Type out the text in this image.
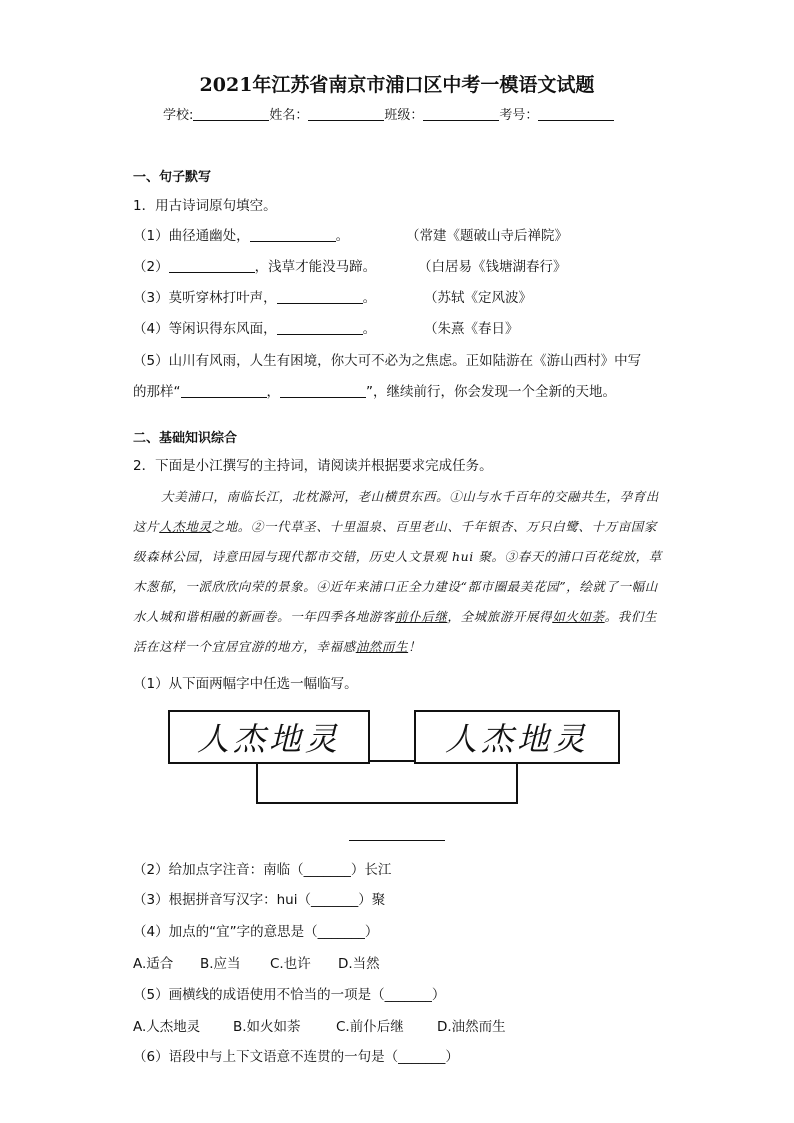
2021年江苏省南京市浦口区中考一模语文试题
学校:	姓名：	班级：	考号：
一、句子默写
1．用古诗词原句填空。
（1）曲径通幽处，	。	（常建《题破山寺后禅院》
（2）	，浅草才能没马蹄。	（白居易《钱塘湖春行》
（3）莫听穿林打叶声，	。	（苏轼《定风波》
（4）等闲识得东风面，	。	（朱熹《春日》
（5）山川有风雨，人生有困境，你大可不必为之焦虑。正如陆游在《游山西村》中写
的那样“	，	”，继续前行，你会发现一个全新的天地。
二、基础知识综合
2．下面是小江撰写的主持词，请阅读并根据要求完成任务。
大美浦口，南临长江，北枕滁河，老山横贯东西。①山与水千百年的交融共生，孕育出这片人杰地灵之地。②一代草圣、十里温泉、百里老山、千年银杏、万只白鹭、十万亩国家级森林公园，诗意田园与现代都市交错，历史人文景观 hui 聚。③春天的浦口百花绽放，草木葱郁，一派欣欣向荣的景象。④近年来浦口正全力建设“都市圈最美花园”，绘就了一幅山水人城和谐相融的新画卷。一年四季各地游客前仆后继，全城旅游开展得如火如荼。我们生活在这样一个宜居宜游的地方，幸福感油然而生！
（1）从下面两幅字中任选一幅临写。
人杰地灵	人杰地灵
（2）给加点字注音：南临（_______）长江
（3）根据拼音写汉字：hui（_______）聚
（4）加点的“宜”字的意思是（_______）
A.适合 B.应当 C.也许 D.当然
（5）画横线的成语使用不恰当的一项是（_______）
A.人杰地灵 B.如火如荼	C.前仆后继 D.油然而生
（6）语段中与上下文语意不连贯的一句是（_______）
